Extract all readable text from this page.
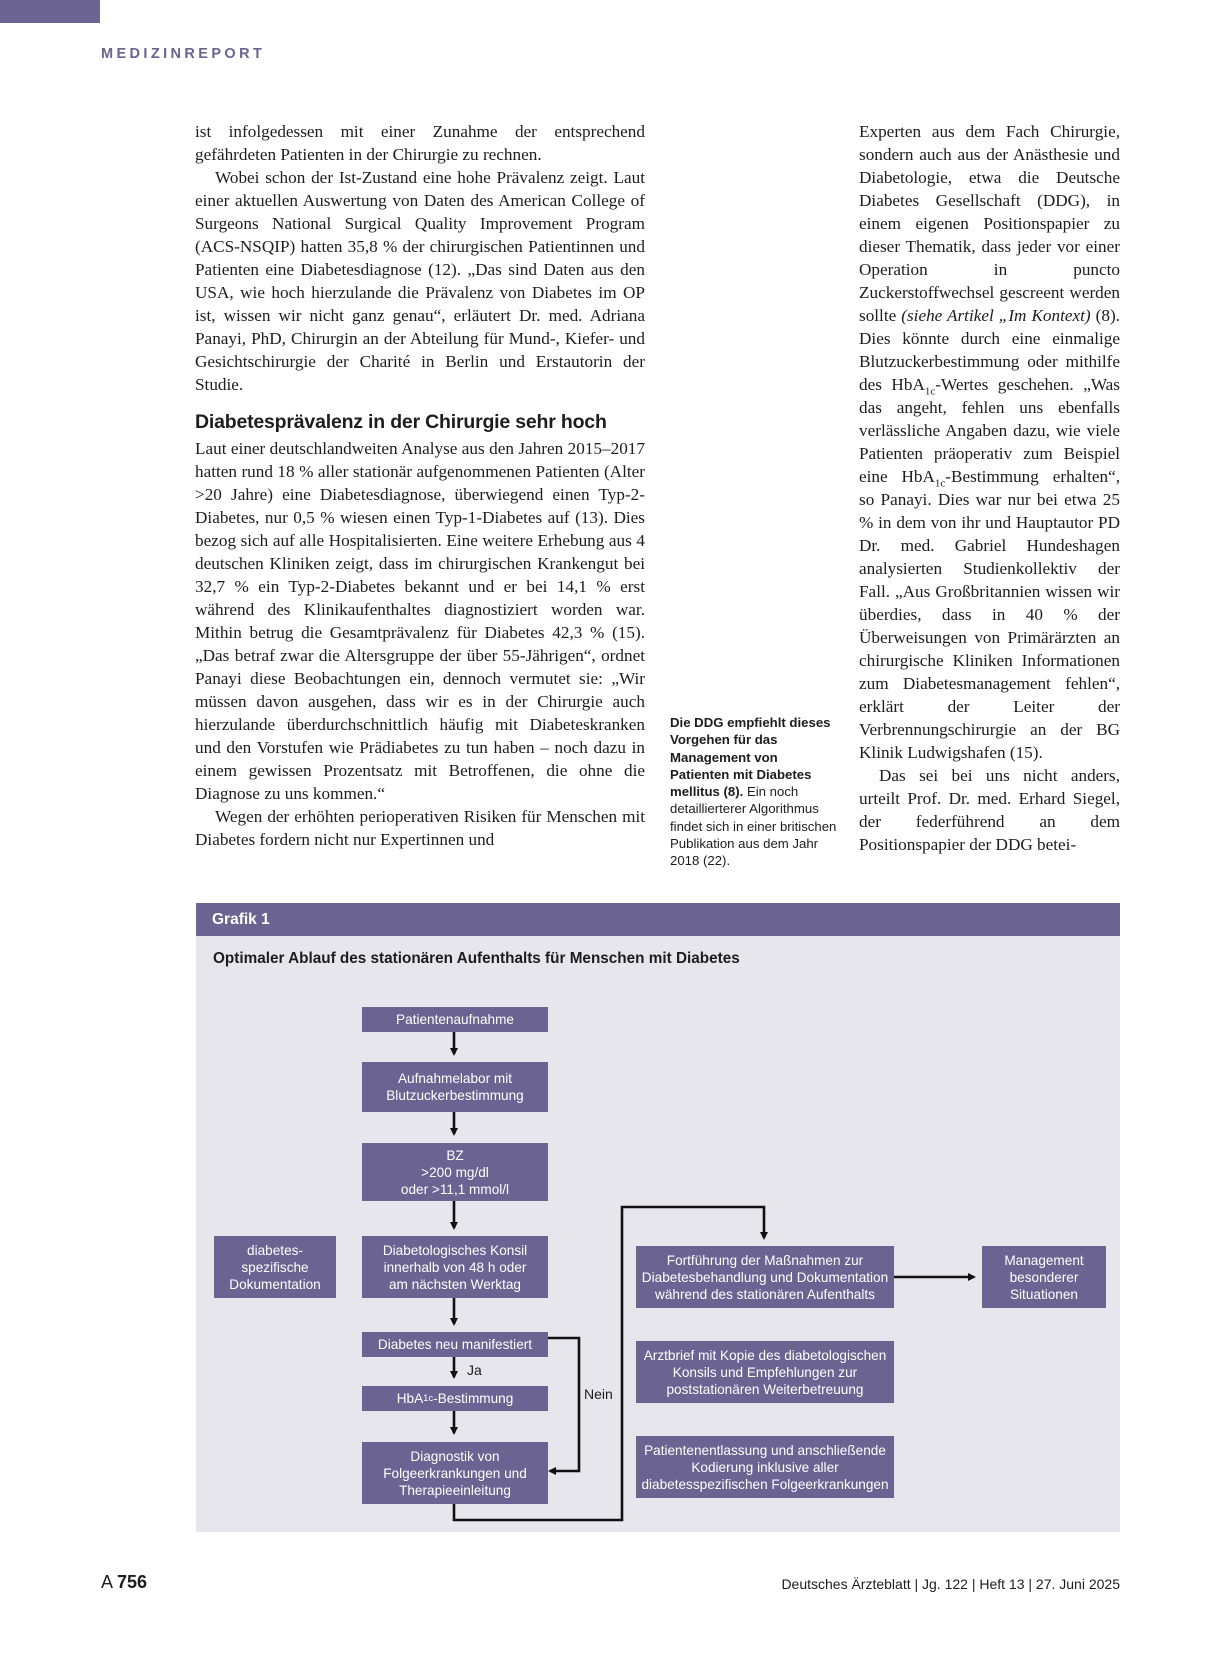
MEDIZINREPORT

ist infolgedessen mit einer Zunahme der entsprechend gefährdeten Patienten in der Chirurgie zu rechnen.

Wobei schon der Ist-Zustand eine hohe Prävalenz zeigt. Laut einer aktuellen Auswertung von Daten des American College of Surgeons National Surgical Quality Improvement Program (ACS-NSQIP) hatten 35,8 % der chirurgischen Patientinnen und Patienten eine Diabetesdiagnose (12). „Das sind Daten aus den USA, wie hoch hierzulande die Prävalenz von Diabetes im OP ist, wissen wir nicht ganz genau“, erläutert Dr. med. Adriana Panayi, PhD, Chirurgin an der Abteilung für Mund-, Kiefer- und Gesichtschirurgie der Charité in Berlin und Erstautorin der Studie.

Diabetesprävalenz in der Chirurgie sehr hoch

Laut einer deutschlandweiten Analyse aus den Jahren 2015–2017 hatten rund 18 % aller stationär aufgenommenen Patienten (Alter >20 Jahre) eine Diabetesdiagnose, überwiegend einen Typ-2-Diabetes, nur 0,5 % wiesen einen Typ-1-Diabetes auf (13). Dies bezog sich auf alle Hospitalisierten. Eine weitere Erhebung aus 4 deutschen Kliniken zeigt, dass im chirurgischen Krankengut bei 32,7 % ein Typ-2-Diabetes bekannt und er bei 14,1 % erst während des Klinikaufenthaltes diagnostiziert worden war. Mithin betrug die Gesamtprävalenz für Diabetes 42,3 % (15). „Das betraf zwar die Altersgruppe der über 55-Jährigen“, ordnet Panayi diese Beobachtungen ein, dennoch vermutet sie: „Wir müssen davon ausgehen, dass wir es in der Chirurgie auch hierzulande überdurchschnittlich häufig mit Diabeteskranken und den Vorstufen wie Prädiabetes zu tun haben – noch dazu in einem gewissen Prozentsatz mit Betroffenen, die ohne die Diagnose zu uns kommen.“

Wegen der erhöhten perioperativen Risiken für Menschen mit Diabetes fordern nicht nur Expertinnen und

Die DDG empfiehlt dieses Vorgehen für das Management von Patienten mit Diabetes mellitus (8). Ein noch detaillierterer Algorithmus findet sich in einer britischen Publikation aus dem Jahr 2018 (22).

Experten aus dem Fach Chirurgie, sondern auch aus der Anästhesie und Diabetologie, etwa die Deutsche Diabetes Gesellschaft (DDG), in einem eigenen Positionspapier zu dieser Thematik, dass jeder vor einer Operation in puncto Zuckerstoffwechsel gescreent werden sollte (siehe Artikel „Im Kontext) (8). Dies könnte durch eine einmalige Blutzuckerbestimmung oder mithilfe des HbA$_{1c}$-Wertes geschehen. „Was das angeht, fehlen uns ebenfalls verlässliche Angaben dazu, wie viele Patienten präoperativ zum Beispiel eine HbA$_{1c}$-Bestimmung erhalten“, so Panayi. Dies war nur bei etwa 25 % in dem von ihr und Hauptautor PD Dr. med. Gabriel Hundeshagen analysierten Studienkollektiv der Fall. „Aus Großbritannien wissen wir überdies, dass in 40 % der Überweisungen von Primärärzten an chirurgische Kliniken Informationen zum Diabetesmanagement fehlen“, erklärt der Leiter der Verbrennungschirurgie an der BG Klinik Ludwigshafen (15).

Das sei bei uns nicht anders, urteilt Prof. Dr. med. Erhard Siegel, der federführend an dem Positionspapier der DDG betei-

Grafik 1
Optimaler Ablauf des stationären Aufenthalts für Menschen mit Diabetes
Patientenaufnahme
Aufnahmelabor mit
Blutzuckerbestimmung
BZ
>200 mg/dl
oder >11,1 mmol/l
Diabetologisches Konsil
innerhalb von 48 h oder
am nächsten Werktag
diabetes-
spezifische
Dokumentation
Diabetes neu manifestiert
Ja
Nein
HbA 1c -Bestimmung
Diagnostik von
Folgeerkrankungen und
Therapieeinleitung
Fortführung der Maßnahmen zur
Diabetesbehandlung und Dokumentation
während des stationären Aufenthalts
Arztbrief mit Kopie des diabetologischen
Konsils und Empfehlungen zur
poststationären Weiterbetreuung
Patientenentlassung und anschließende
Kodierung inklusive aller
diabetesspezifischen Folgeerkrankungen
Management
besonderer
Situationen
A 756	Deutsches Ärzteblatt | Jg. 122 | Heft 13 | 27. Juni 2025
